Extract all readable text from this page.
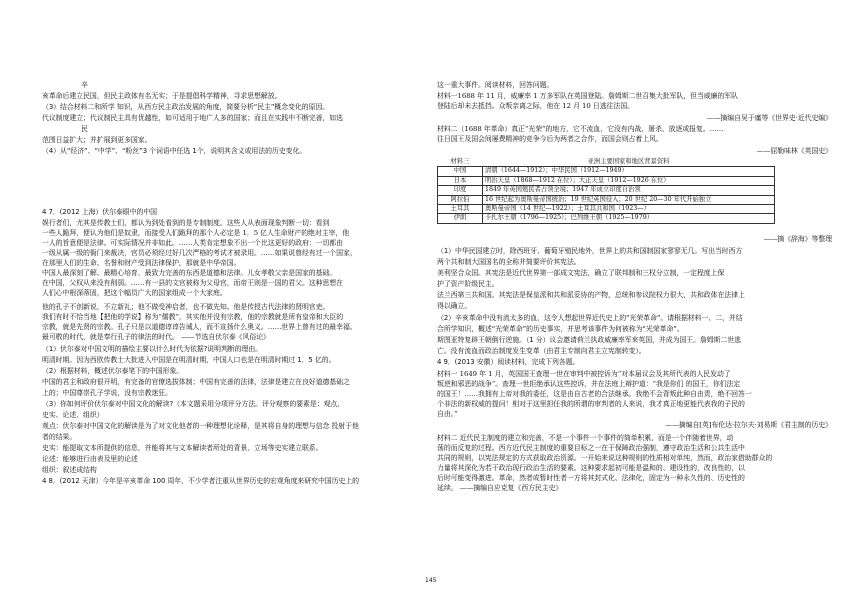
辛
亥革命后建立民国，但民主政体有名无实；于是提倡科学精神，寻求思想解放。
（3）结合材料二和所学 知识，从西方民主政治发展的角度，简要分析“民主”概念变化的原因。
代议制度建立；代议制民主具有优越性，如可适用于地广人多的国家；而且在实践中不断完善，如选
民
范围日益扩大；并扩展到更多国家。
（4）从“经济”、“中学”、“粉丝”3 个词语中任选 1个，说明其含义或用法的历史变化。
4 7．(2012 上海）伏尔泰眼中的中国
娱行者们，尤其是传教士们，都认为到处看到的是专制制度。这些人从表面现象判断一切：看到
一些人跪拜，便认为他们是奴隶，而接受人们跪拜的那个人必定是 1．5 亿人生命财产的绝对主宰，他
一人的旨意便是法律。可实际情况并非如此。……人类肯定想象不出一个比这更好的政府：一切都由
一级从属一级的衙门来裁决，官员必须经过好几次严格的考试才被录用。……如果说曾经有过一个国家，
在那里人们的生命、名誉和财产受到法律保护，那就是中华帝国。
中国人最深刻了解、最精心培育、最致力完善的东西是道德和法律。儿女孝敬父亲是国家的基础。
在中国，父权从来没有削弱。……有一县的文官被称为父母官，而帝王则是一国的君父。这种思想在
人们心中根深蒂固，把这个幅员广大的国家组成一个大家庭。
他的孔子不创新说，不立新礼；他不做受神启者，也不做先知。他是传授古代法律的贤明官吏。
我们有时不恰当地【把他的学说】称为“儒教”，其实他并没有宗教，他的宗教就是所有皇帝和大臣的
宗教，就是先贤的宗教。孔子只是以道德谆谆告诫人，而不宣扬什么奥义。……世界上曾有过的最幸福、
最可敬的时代，就是奉行孔子的律法的时代。 ——节选自伏尔泰《风俗论》
（1）伏尔泰对中国文明的描绘主要以什么时代为依据?说明判断的理由。
明清时期。因为西欧传教士大批进入中国是在明清时期，中国人口也是在明清时期过 1．5 亿的。
（2）根据材料，概述伏尔泰笔下的中国形象。
中国的君主和政府很开明，有完备的官僚选拔体制；中国有完善的法律，法律是建立在良好道德基础之
上的；中国尊崇孔子学说，没有宗教迷狂。
（3）你如何评价伏尔泰对中国文化的解读?（本文题采用分项评分方法。评分观察的要素是：观点、
史实、论述、组织）
观点：伏尔泰对中国文化的解读是为了对文化他者的一种理想化诠释，是其将自身的理想与信念 投射于他
者的结果。
史实：能提取文本所提供的信息，并能将其与文本解读者所处的背景、立场等史实建立联系。
论述：能够进行由表及里的论述
组织：叙述成结构
4 8．(2012 天津）今年是辛亥革命 100 周年，不少学者注重从世界历史的宏观角度来研究中国历史上的
材料三	亚洲主要国家和地区背景资料
中国	清朝（1644—1912）；中华民国（1912—1949）
日本	明治天皇（1868—1912 在位）；大正天皇（1912—1926 在位）
印度	1849 年英国殖民者占领全境；1947 年成立印度自治领
阿拉伯	16 世纪起为奥斯曼帝国统治；19 世纪英国侵入；20 世纪 20—30 年代开始独立
土耳其	奥斯曼帝国（14 世纪—1922）；土耳其共和国（1923—）
伊朗	卡扎尔王朝（1796—1925）；巴列维王朝（1925—1979）
这一重大事件。阅读材料，回答问题。
材料一1688 年 11 月，威廉率 1 万多军队在英国登陆。詹姆斯二世召集大批军队，但当威廉的军队
登陆后却未去抵挡。众叛亲离之际，他在 12 月 10 日逃往法国。
——摘编自吴于廑等《世界史·近代史编》
材料二（1688 年革命）真正“光荣”的地方，它不流血，它没有内战、屠杀、放逐或报复。……
往日国王及国会间屡费精神的竞争今后为两者之合作，而国会则占着上风。
——屈勒味林《英国史》
（1）中华民国建立时，除西班牙、葡萄牙殖民地外，世界上的共和国制国家寥寥无几。写出当时西方
两个共和制大国国名的全称并简要评价其宪法。
美利坚合众国。其宪法是近代世界第一部成文宪法，确立了联邦制和三权分立制，一定程度上保
护了资产阶级民主。
法兰西第三共和国。其宪法是保皇派和共和派妥协的产物，总统和参议院权力很大，共和政体在法律上
得以确立。
（2）辛亥革命中没有流太多的血，这令人想起世界近代史上的“光荣革命”。请根据材料一、二，并结
合所学知识，概述“光荣革命”的历史事实，并思考该事件为何被称为“光荣革命”。
斯图亚特复辟王朝倒行逆施。（1 分）议会邀请荷兰执政威廉率军来英国，并成为国王。詹姆斯二世逃
亡。没有流血而政治制度发生变革（由君主专制向君主立宪制转变）。
4 9．(2013 安徽）阅读材料，完成下列各题。
材料一 1649 年 1 月，英国国王查理一世在审判中被控诉为“对本届议会及其所代表的人民发动了
叛逆和邪恶的战争”。查理一世拒绝承认这些控诉，并在法庭上辩护道：“我是你们 的国王，你们法定
的国王！……我拥有上帝对我的委任，这是由自古老的合法继承。我绝不会背叛此种自由责，绝不回答一
个非法的新权威的提问！相对于这里担任我的所谓的审判者的人来说，我才真正地更能代表我的子民的
自由。”
——摘编自[英]布伦达·拉尔夫·刘易斯《君主制的历史》
材料二 近代民主制度的建立和完善，不是一个事件一个事件的简单积累，而是一个伴随着世界，动
荡的而反复的过程。西方近代民主制度的重要目标之一在于保障政治强制，遵守政治生活和公共生活中
共同的规则，以宪法规定的方式获取政治资源。一开始来说这种规则的性质相对单纯，然而，政治家借助群众的
力量将其深化为若干政治现行政治生活的要素。这种要求起初可能是温和的、建设性的，改良性的，以
后时可能变得激进。革命，然者或暂时性者一方将其封式化、法律化，固定为一种永久性的、历史性的
延续。 ——摘编自应克复《西方民主史》
——摘《辞海》等整理
145
